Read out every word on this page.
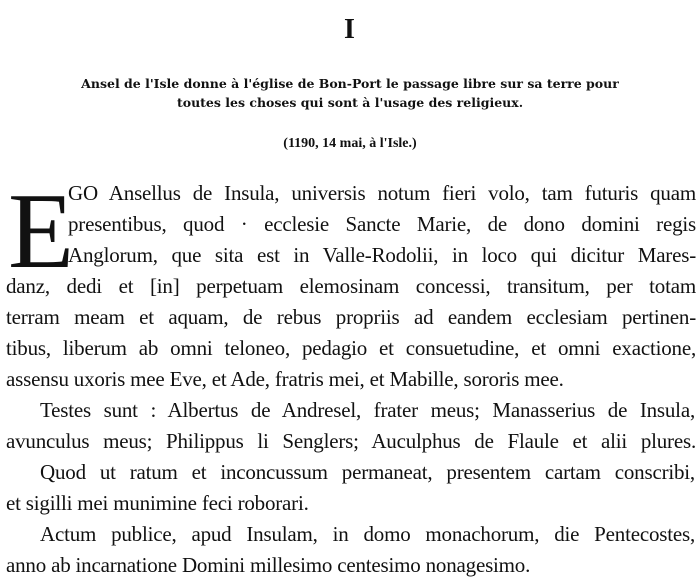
I
Ansel de l'Isle donne à l'église de Bon-Port le passage libre sur sa terre pour
toutes les choses qui sont à l'usage des religieux.
(1190, 14 mai, à l'Isle.)
E
GO Ansellus de Insula, universis notum fieri volo, tam futuris quam
presentibus, quod · ecclesie Sancte Marie, de dono domini regis
Anglorum, que sita est in Valle-Rodolii, in loco qui dicitur Mares-
danz, dedi et [in] perpetuam elemosinam concessi, transitum, per totam
terram meam et aquam, de rebus propriis ad eandem ecclesiam pertinen-
tibus, liberum ab omni teloneo, pedagio et consuetudine, et omni exactione,
assensu uxoris mee Eve, et Ade, fratris mei, et Mabille, sororis mee.
Testes sunt : Albertus de Andresel, frater meus; Manasserius de Insula,
avunculus meus; Philippus li Senglers; Auculphus de Flaule et alii plures.
Quod ut ratum et inconcussum permaneat, presentem cartam conscribi,
et sigilli mei munimine feci roborari.
Actum publice, apud Insulam, in domo monachorum, die Pentecostes,
anno ab incarnatione Domini millesimo centesimo nonagesimo.
